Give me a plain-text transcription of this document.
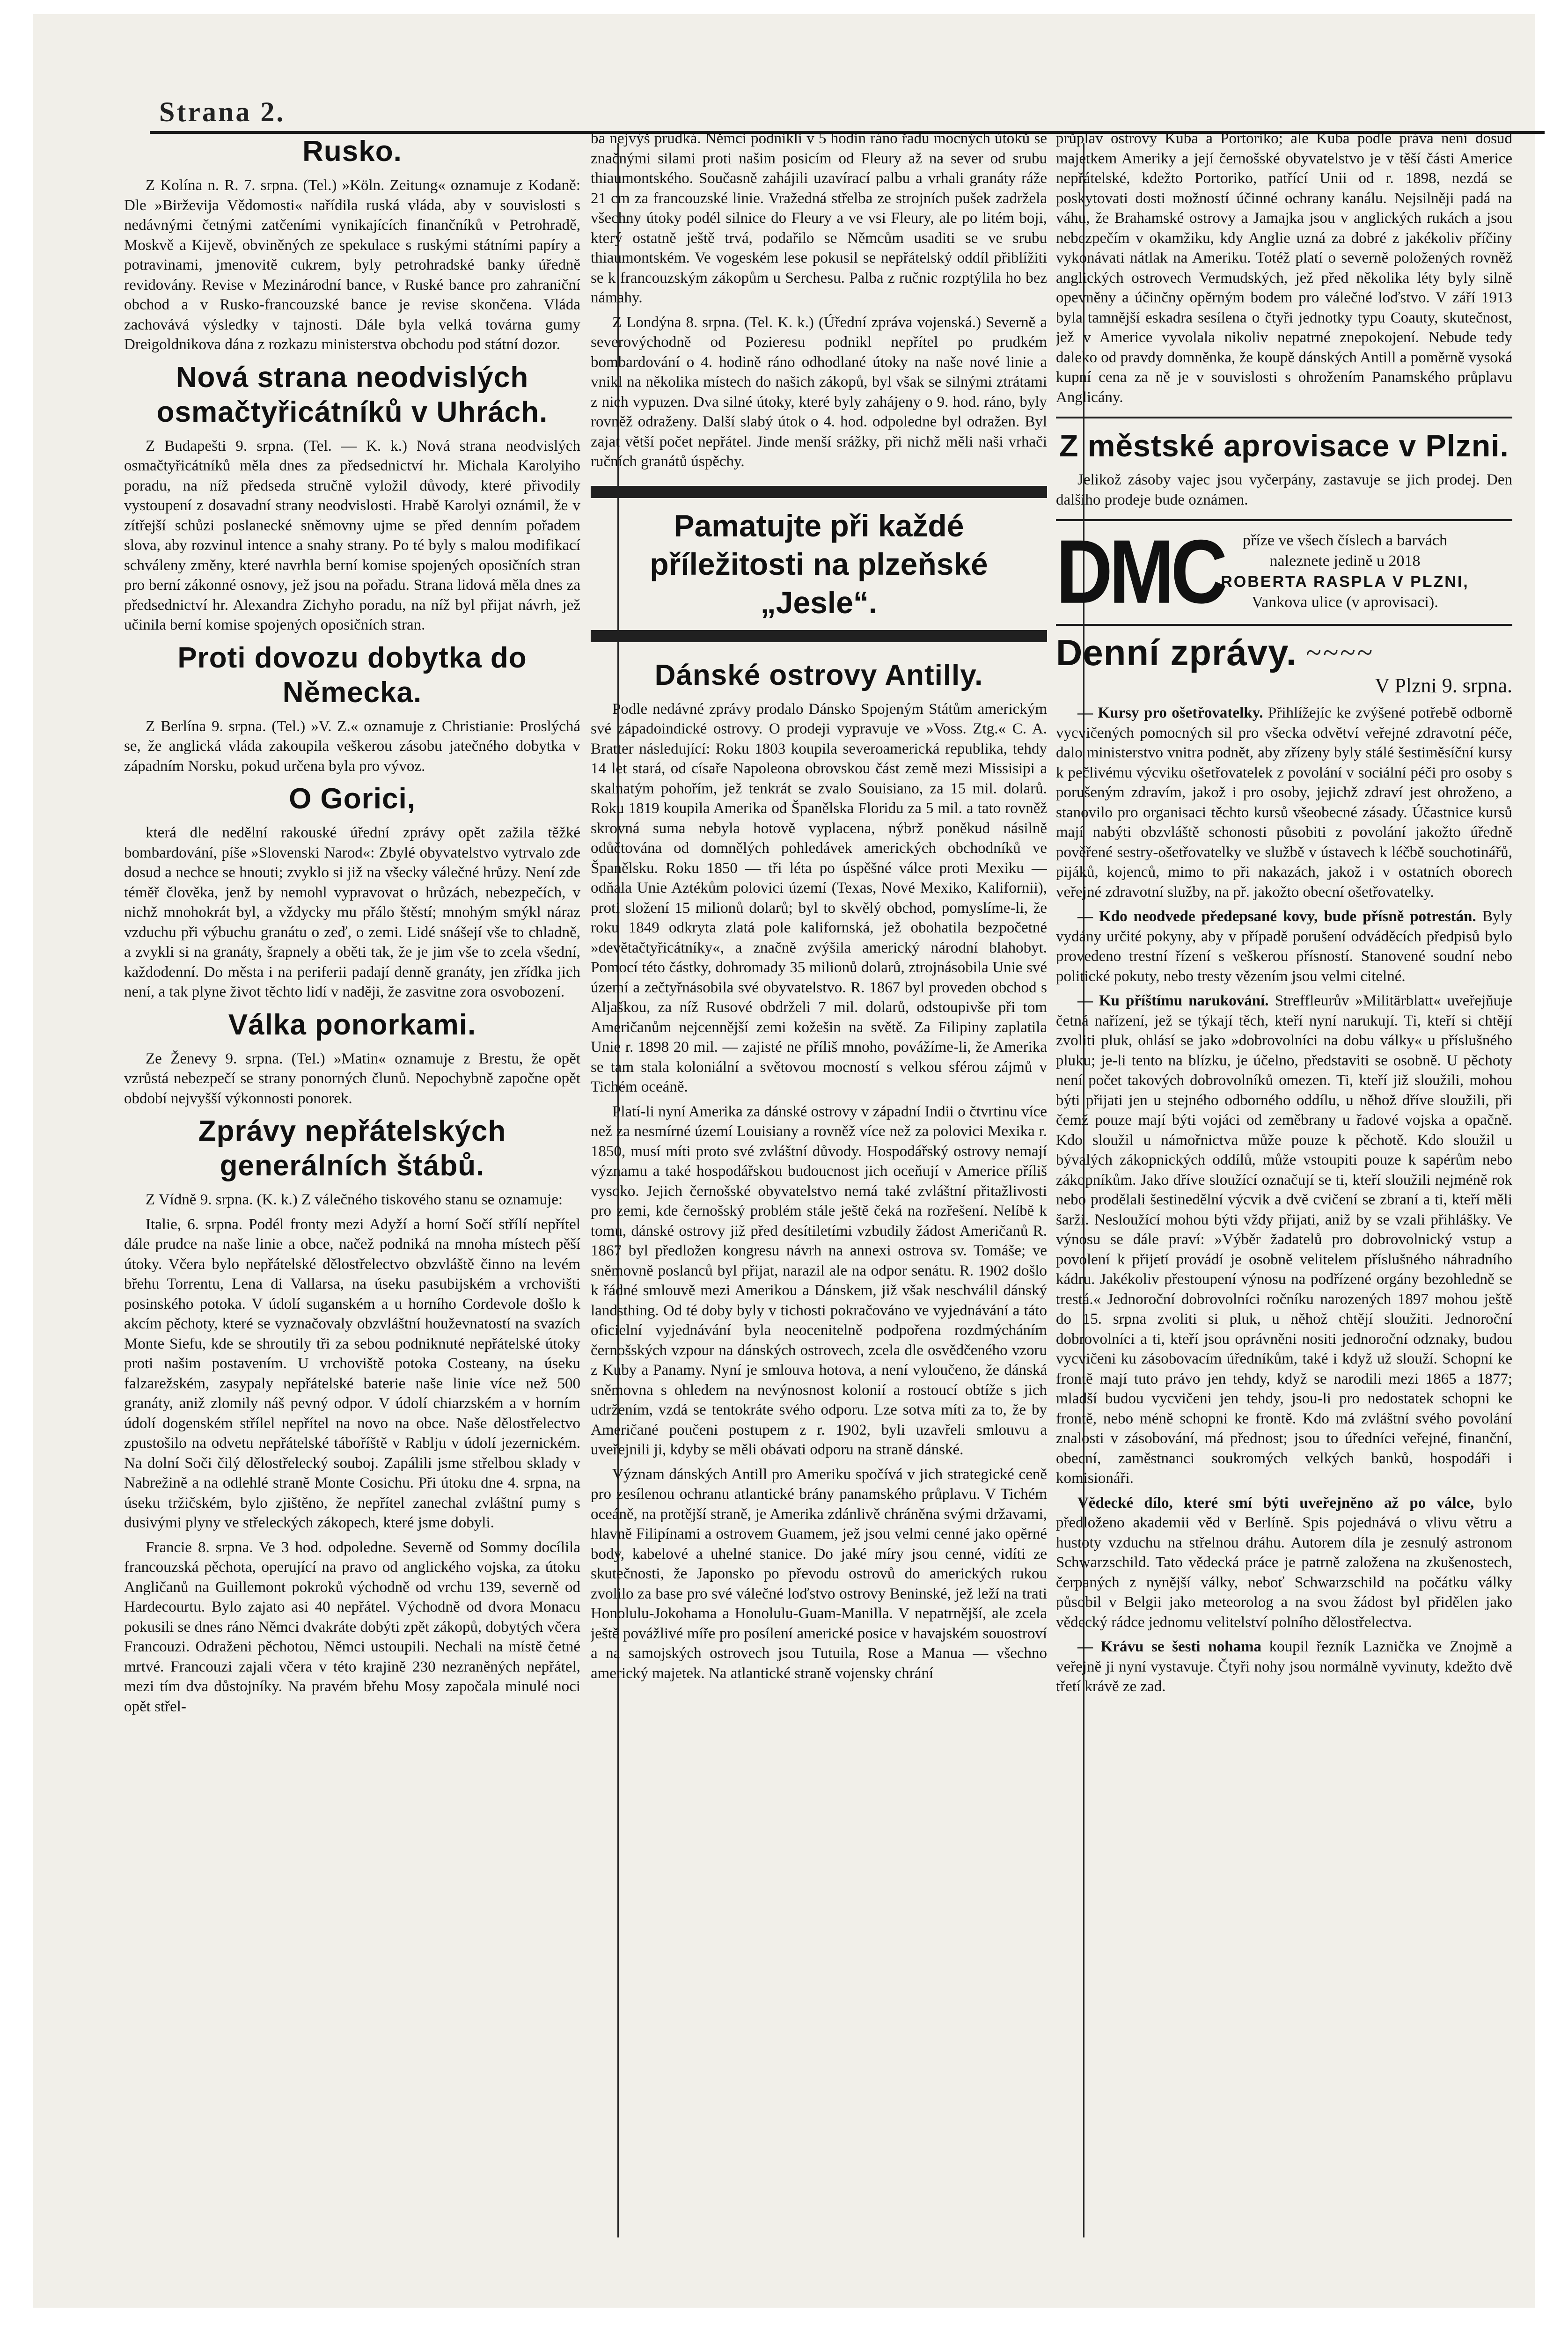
Strana 2.
Rusko.

Z Kolína n. R. 7. srpna. (Tel.) »Köln. Zeitung« oznamuje z Kodaně: Dle »Birževija Vědomosti« nařídila ruská vláda, aby v souvislosti s nedávnými četnými zatčeními vynikajících finančníků v Petrohradě, Moskvě a Kijevě, obviněných ze spekulace s ruskými státními papíry a potravinami, jmenovitě cukrem, byly petrohradské banky úředně revidovány. Revise v Mezinárodní bance, v Ruské bance pro zahraniční obchod a v Rusko-francouzské bance je revise skončena. Vláda zachovává výsledky v tajnosti. Dále byla velká továrna gumy Dreigoldnikova dána z rozkazu ministerstva obchodu pod státní dozor.

Nová strana neodvislých osmačtyřicátníků v Uhrách.

Z Budapešti 9. srpna. (Tel. — K. k.) Nová strana neodvislých osmačtyřicátníků měla dnes za předsednictví hr. Michala Karolyiho poradu, na níž předseda stručně vyložil důvody, které přivodily vystoupení z dosavadní strany neodvislosti. Hrabě Karolyi oznámil, že v zítřejší schůzi poslanecké sněmovny ujme se před denním pořadem slova, aby rozvinul intence a snahy strany. Po té byly s malou modifikací schváleny změny, které navrhla berní komise spojených oposičních stran pro berní zákonné osnovy, jež jsou na pořadu. Strana lidová měla dnes za předsednictví hr. Alexandra Zichyho poradu, na níž byl přijat návrh, jež učinila berní komise spojených oposičních stran.

Proti dovozu dobytka do Německa.

Z Berlína 9. srpna. (Tel.) »V. Z.« oznamuje z Christianie: Proslýchá se, že anglická vláda zakoupila veškerou zásobu jatečného dobytka v západním Norsku, pokud určena byla pro vývoz.

O Gorici,

která dle nedělní rakouské úřední zprávy opět zažila těžké bombardování, píše »Slovenski Narod«: Zbylé obyvatelstvo vytrvalo zde dosud a nechce se hnouti; zvyklo si již na všecky válečné hrůzy. Není zde téměř člověka, jenž by nemohl vypravovat o hrůzách, nebezpečích, v nichž mnohokrát byl, a vždycky mu přálo štěstí; mnohým smýkl náraz vzduchu při výbuchu granátu o zeď, o zemi. Lidé snášejí vše to chladně, a zvykli si na granáty, šrapnely a oběti tak, že je jim vše to zcela všední, každodenní. Do města i na periferii padají denně granáty, jen zřídka jich není, a tak plyne život těchto lidí v naději, že zasvitne zora osvobození.

Válka ponorkami.

Ze Ženevy 9. srpna. (Tel.) »Matin« oznamuje z Brestu, že opět vzrůstá nebezpečí se strany ponorných člunů. Nepochybně započne opět období nejvyšší výkonnosti ponorek.

Zprávy nepřátelských generálních štábů.

Z Vídně 9. srpna. (K. k.) Z válečného tiskového stanu se oznamuje:

Italie, 6. srpna. Podél fronty mezi Adyží a horní Sočí střílí nepřítel dále prudce na naše linie a obce, načež podniká na mnoha místech pěší útoky. Včera bylo nepřátelské dělostřelectvo obzvláště činno na levém břehu Torrentu, Lena di Vallarsa, na úseku pasubijském a vrchovišti posinského potoka. V údolí suganském a u horního Cordevole došlo k akcím pěchoty, které se vyznačovaly obzvláštní houževnatostí na svazích Monte Siefu, kde se shroutily tři za sebou podniknuté nepřátelské útoky proti našim postavením. U vrchoviště potoka Costeany, na úseku falzarežském, zasypaly nepřátelské baterie naše linie více než 500 granáty, aniž zlomily náš pevný odpor. V údolí chiarzském a v horním údolí dogenském střílel nepřítel na novo na obce. Naše dělostřelectvo zpustošilo na odvetu nepřátelské táboříště v Rablju v údolí jezernickém. Na dolní Soči čilý dělostřelecký souboj. Zapálili jsme střelbou sklady v Nabrežině a na odlehlé straně Monte Cosichu. Při útoku dne 4. srpna, na úseku tržičském, bylo zjištěno, že nepřítel zanechal zvláštní pumy s dusivými plyny ve střeleckých zákopech, které jsme dobyli.

Francie 8. srpna. Ve 3 hod. odpoledne. Severně od Sommy docílila francouzská pěchota, operující na pravo od anglického vojska, za útoku Angličanů na Guillemont pokroků východně od vrchu 139, severně od Hardecourtu. Bylo zajato asi 40 nepřátel. Východně od dvora Monacu pokusili se dnes ráno Němci dvakráte dobýti zpět zákopů, dobytých včera Francouzi. Odraženi pěchotou, Němci ustoupili. Nechali na místě četné mrtvé. Francouzi zajali včera v této krajině 230 nezraněných nepřátel, mezi tím dva důstojníky. Na pravém břehu Mosy započala minulé noci opět střel-

ba nejvýš prudká. Němci podnikli v 5 hodin ráno řadu mocných útoků se značnými silami proti našim posicím od Fleury až na sever od srubu thiaumontského. Současně zahájili uzavírací palbu a vrhali granáty ráže 21 cm za francouzské linie. Vražedná střelba ze strojních pušek zadržela všechny útoky podél silnice do Fleury a ve vsi Fleury, ale po litém boji, který ostatně ještě trvá, podařilo se Němcům usaditi se ve srubu thiaumontském. Ve vogeském lese pokusil se nepřátelský oddíl přiblížiti se k francouzským zákopům u Serchesu. Palba z ručnic rozptýlila ho bez námahy.

Z Londýna 8. srpna. (Tel. K. k.) (Úřední zpráva vojenská.) Severně a severovýchodně od Pozieresu podnikl nepřítel po prudkém bombardování o 4. hodině ráno odhodlané útoky na naše nové linie a vnikl na několika místech do našich zákopů, byl však se silnými ztrátami z nich vypuzen. Dva silné útoky, které byly zahájeny o 9. hod. ráno, byly rovněž odraženy. Další slabý útok o 4. hod. odpoledne byl odražen. Byl zajat větší počet nepřátel. Jinde menší srážky, při nichž měli naši vrhači ručních granátů úspěchy.

Pamatujte při každé příležitosti na plzeňské „Jesle“.
Dánské ostrovy Antilly.

Podle nedávné zprávy prodalo Dánsko Spojeným Státům americkým své západoindické ostrovy. O prodeji vypravuje ve »Voss. Ztg.« C. A. Bratter následující: Roku 1803 koupila severoamerická republika, tehdy 14 let stará, od císaře Napoleona obrovskou část země mezi Missisipi a skalnatým pohořím, jež tenkrát se zvalo Souisiano, za 15 mil. dolarů. Roku 1819 koupila Amerika od Španělska Floridu za 5 mil. a tato rovněž skrovná suma nebyla hotově vyplacena, nýbrž poněkud násilně odůčtována od domnělých pohledávek amerických obchodníků ve Španělsku. Roku 1850 — tři léta po úspěšné válce proti Mexiku — odňala Unie Aztékům polovici území (Texas, Nové Mexiko, Kalifornii), proti složení 15 milionů dolarů; byl to skvělý obchod, pomyslíme-li, že roku 1849 odkryta zlatá pole kalifornská, jež obohatila bezpočetné »devětačtyřicátníky«, a značně zvýšila americký národní blahobyt. Pomocí této částky, dohromady 35 milionů dolarů, ztrojnásobila Unie své území a zečtyřnásobila své obyvatelstvo. R. 1867 byl proveden obchod s Aljaškou, za níž Rusové obdrželi 7 mil. dolarů, odstoupivše při tom Američanům nejcennější zemi kožešin na světě. Za Filipiny zaplatila Unie r. 1898 20 mil. — zajisté ne příliš mnoho, povážíme-li, že Amerika se tam stala koloniální a světovou mocností s velkou sférou zájmů v Tichém oceáně.

Platí-li nyní Amerika za dánské ostrovy v západní Indii o čtvrtinu více než za nesmírné území Louisiany a rovněž více než za polovici Mexika r. 1850, musí míti proto své zvláštní důvody. Hospodářský ostrovy nemají významu a také hospodářskou budoucnost jich oceňují v Americe příliš vysoko. Jejich černošské obyvatelstvo nemá také zvláštní přitažlivosti pro zemi, kde černošský problém stále ještě čeká na rozřešení. Nelíbě k tomu, dánské ostrovy již před desítiletími vzbudily žádost Američanů R. 1867 byl předložen kongresu návrh na annexi ostrova sv. Tomáše; ve sněmovně poslanců byl přijat, narazil ale na odpor senátu. R. 1902 došlo k řádné smlouvě mezi Amerikou a Dánskem, již však neschválil dánský landsthing. Od té doby byly v tichosti pokračováno ve vyjednávání a táto oficielní vyjednávání byla neocenitelně podpořena rozdmýcháním černošských vzpour na dánských ostrovech, zcela dle osvědčeného vzoru z Kuby a Panamy. Nyní je smlouva hotova, a není vyloučeno, že dánská sněmovna s ohledem na nevýnosnost kolonií a rostoucí obtíže s jich udržením, vzdá se tentokráte svého odporu. Lze sotva míti za to, že by Američané poučeni postupem z r. 1902, byli uzavřeli smlouvu a uveřejnili ji, kdyby se měli obávati odporu na straně dánské.

Význam dánských Antill pro Ameriku spočívá v jich strategické ceně pro zesílenou ochranu atlantické brány panamského průplavu. V Tichém oceáně, na protější straně, je Amerika zdánlivě chráněna svými državami, hlavně Filipínami a ostrovem Guamem, jež jsou velmi cenné jako opěrné body, kabelové a uhelné stanice. Do jaké míry jsou cenné, vidíti ze skutečnosti, že Japonsko po převodu ostrovů do amerických rukou zvolilo za base pro své válečné loďstvo ostrovy Beninské, jež leží na trati Honolulu-Jokohama a Honolulu-Guam-Manilla. V nepatrnější, ale zcela ještě povážlivé míře pro posílení americké posice v havajském souostroví a na samojských ostrovech jsou Tutuila, Rose a Manua — všechno americký majetek. Na atlantické straně vojensky chrání

průplav ostrovy Kuba a Portoriko; ale Kuba podle práva není dosud majetkem Ameriky a její černošské obyvatelstvo je v těší části Americe nepřátelské, kdežto Portoriko, patřící Unii od r. 1898, nezdá se poskytovati dosti možností účinné ochrany kanálu. Nejsilněji padá na váhu, že Brahamské ostrovy a Jamajka jsou v anglických rukách a jsou nebezpečím v okamžiku, kdy Anglie uzná za dobré z jakékoliv příčiny vykonávati nátlak na Ameriku. Totéž platí o severně položených rovněž anglických ostrovech Vermudských, jež před několika léty byly silně opevněny a účinčny opěrným bodem pro válečné loďstvo. V září 1913 byla tamnější eskadra sesílena o čtyři jednotky typu Coauty, skutečnost, jež v Americe vyvolala nikoliv nepatrné znepokojení. Nebude tedy dalekо od pravdy domněnka, že koupě dánských Antill a poměrně vysoká kupní cena za ně je v souvislosti s ohrožením Panamského průplavu Anglicány.

Z městské aprovisace v Plzni.

Jelikož zásoby vajec jsou vyčerpány, zastavuje se jich prodej. Den dalšího prodeje bude oznámen.

DMC	příze ve všech číslech a barvách
naleznete jedině u 2018
ROBERTA RASPLA V PLZNI,
Vankova ulice (v aprovisaci).
Denní zprávy. ~~~~
V Plzni 9. srpna.

— Kursy pro ošetřovatelky. Přihlížejíc ke zvýšené potřebě odborně vycvičených pomocných sil pro všecka odvětví veřejné zdravotní péče, dalo ministerstvo vnitra podnět, aby zřízeny byly stálé šestiměsíční kursy k pečlivému výcviku ošetřovatelek z povolání v sociální péči pro osoby s porušeným zdravím, jakož i pro osoby, jejichž zdraví jest ohroženo, a stanovilo pro organisaci těchto kursů všeobecné zásady. Účastnice kursů mají nabýti obzvláště schonosti působiti z povolání jakožto úředně pověřené sestry-ošetřovatelky ve službě v ústavech k léčbě souchotinářů, pijáků, kojenců, mimo to při nakazách, jakož i v ostatních oborech veřejné zdravotní služby, na př. jakožto obecní ošetřovatelky.

— Kdo neodvede předepsané kovy, bude přísně potrestán. Byly vydány určité pokyny, aby v případě porušení odváděcích předpisů bylo provedeno trestní řízení s veškerou přísností. Stanovené soudní nebo politické pokuty, nebo tresty vězením jsou velmi citelné.

— Ku příštímu narukování. Streffleurův »Militärblatt« uveřejňuje četná nařízení, jež se týkají těch, kteří nyní narukují. Ti, kteří si chtějí zvoliti pluk, ohlásí se jako »dobrovolníci na dobu války« u příslušného pluku; je-li tento na blízku, je účelno, představiti se osobně. U pěchoty není počet takových dobrovolníků omezen. Ti, kteří již sloužili, mohou býti přijati jen u stejného odborného oddílu, u něhož dříve sloužili, při čemž pouze mají býti vojáci od zeměbrany u řadové vojska a opačně. Kdo sloužil u námořnictva může pouze k pěchotě. Kdo sloužil u bývalých zákopnických oddílů, může vstoupiti pouze k sapérům nebo zákopníkům. Jako dříve sloužící označují se ti, kteří sloužili nejméně rok nebo prodělali šestinedělní výcvik a dvě cvičení se zbraní a ti, kteří měli šarži. Nesloužící mohou býti vždy přijati, aniž by se vzali přihlášky. Ve výnosu se dále praví: »Výběr žadatelů pro dobrovolnický vstup a povolení k přijetí provádí je osobně velitelem příslušného náhradního kádru. Jakékoliv přestoupení výnosu na podřízené orgány bezohledně se trestá.« Jednoroční dobrovolníci ročníku narozených 1897 mohou ještě do 15. srpna zvoliti si pluk, u něhož chtějí sloužiti. Jednoroční dobrovolníci a ti, kteří jsou oprávněni nositi jednoroční odznaky, budou vycvičeni ku zásobovacím úředníkům, také i když už slouží. Schopní ke frontě mají tuto právo jen tehdy, když se narodili mezi 1865 a 1877; mladší budou vycvičeni jen tehdy, jsou-li pro nedostatek schopni ke frontě, nebo méně schopni ke frontě. Kdo má zvláštní svého povolání znalosti v zásobování, má přednost; jsou to úředníci veřejné, finanční, obecní, zaměstnanci soukromých velkých banků, hospodáři i komisionáři.

Vědecké dílo, které smí býti uveřejněno až po válce, bylo předloženo akademii věd v Berlíně. Spis pojednává o vlivu větru a hustoty vzduchu na střelnou dráhu. Autorem díla je zesnulý astronom Schwarzschild. Tato vědecká práce je patrně založena na zkušenostech, čerpaných z nynější války, neboť Schwarzschild na počátku války působil v Belgii jako meteorolog a na svou žádost byl přidělen jako vědecký rádce jednomu velitelství polního dělostřelectva.

— Krávu se šesti nohama koupil řezník Laznička ve Znojmě a veřejně ji nyní vystavuje. Čtyři nohy jsou normálně vyvinuty, kdežto dvě třetí krávě ze zad.
